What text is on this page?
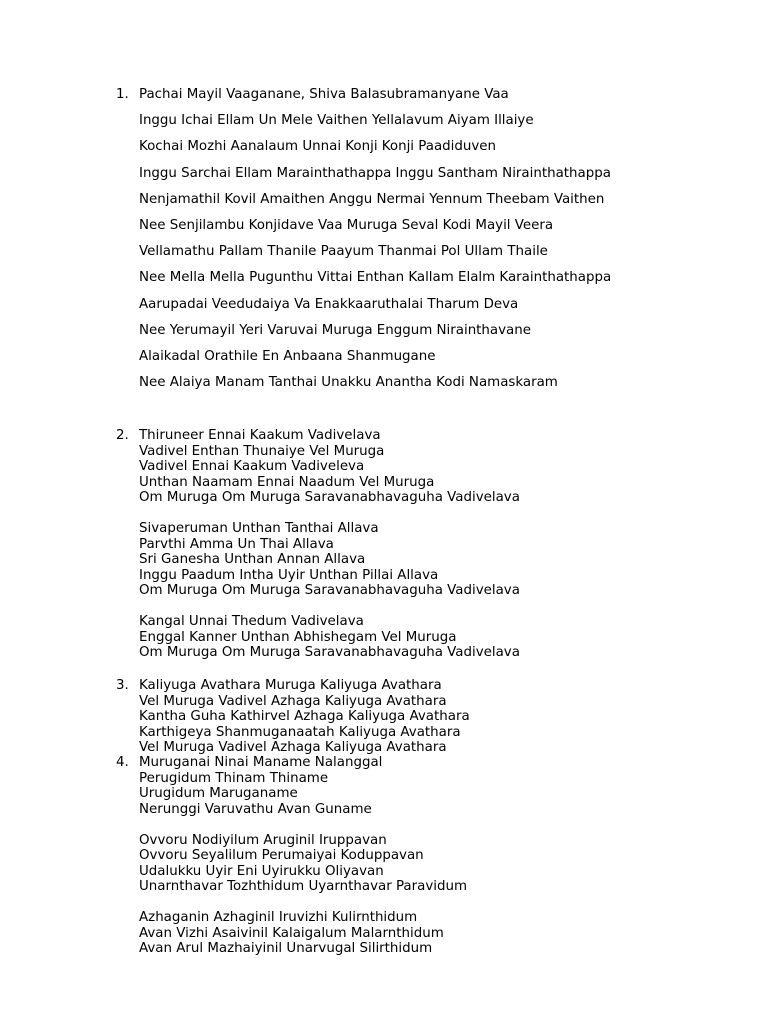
1. Pachai Mayil Vaaganane, Shiva Balasubramanyane Vaa
Inggu Ichai Ellam Un Mele Vaithen Yellalavum Aiyam Illaiye
Kochai Mozhi Aanalaum Unnai Konji Konji Paadiduven
Inggu Sarchai Ellam Marainthathappa Inggu Santham Nirainthathappa
Nenjamathil Kovil Amaithen Anggu Nermai Yennum Theebam Vaithen
Nee Senjilambu Konjidave Vaa Muruga Seval Kodi Mayil Veera
Vellamathu Pallam Thanile Paayum Thanmai Pol Ullam Thaile
Nee Mella Mella Pugunthu Vittai Enthan Kallam Elalm Karainthathappa
Aarupadai Veedudaiya Va Enakkaaruthalai Tharum Deva
Nee Yerumayil Yeri Varuvai Muruga Enggum Nirainthavane
Alaikadal Orathile En Anbaana Shanmugane
Nee Alaiya Manam Tanthai Unakku Anantha Kodi Namaskaram
2. Thiruneer Ennai Kaakum Vadivelava
Vadivel Enthan Thunaiye Vel Muruga
Vadivel Ennai Kaakum Vadiveleva
Unthan Naamam Ennai Naadum Vel Muruga
Om Muruga Om Muruga Saravanabhavaguha Vadivelava
Sivaperuman Unthan Tanthai Allava
Parvthi Amma Un Thai Allava
Sri Ganesha Unthan Annan Allava
Inggu Paadum Intha Uyir Unthan Pillai Allava
Om Muruga Om Muruga Saravanabhavaguha Vadivelava
Kangal Unnai Thedum Vadivelava
Enggal Kanner Unthan Abhishegam Vel Muruga
Om Muruga Om Muruga Saravanabhavaguha Vadivelava
3. Kaliyuga Avathara Muruga Kaliyuga Avathara
Vel Muruga Vadivel Azhaga Kaliyuga Avathara
Kantha Guha Kathirvel Azhaga Kaliyuga Avathara
Karthigeya Shanmuganaatah Kaliyuga Avathara
Vel Muruga Vadivel Azhaga Kaliyuga Avathara
4. Muruganai Ninai Maname Nalanggal
Perugidum Thinam Thiname
Urugidum Maruganame
Nerunggi Varuvathu Avan Guname
Ovvoru Nodiyilum Aruginil Iruppavan
Ovvoru Seyalilum Perumaiyai Koduppavan
Udalukku Uyir Eni Uyirukku Oliyavan
Unarnthavar Tozhthidum Uyarnthavar Paravidum
Azhaganin Azhaginil Iruvizhi Kulirnthidum
Avan Vizhi Asaivinil Kalaigalum Malarnthidum
Avan Arul Mazhaiyinil Unarvugal Silirthidum
